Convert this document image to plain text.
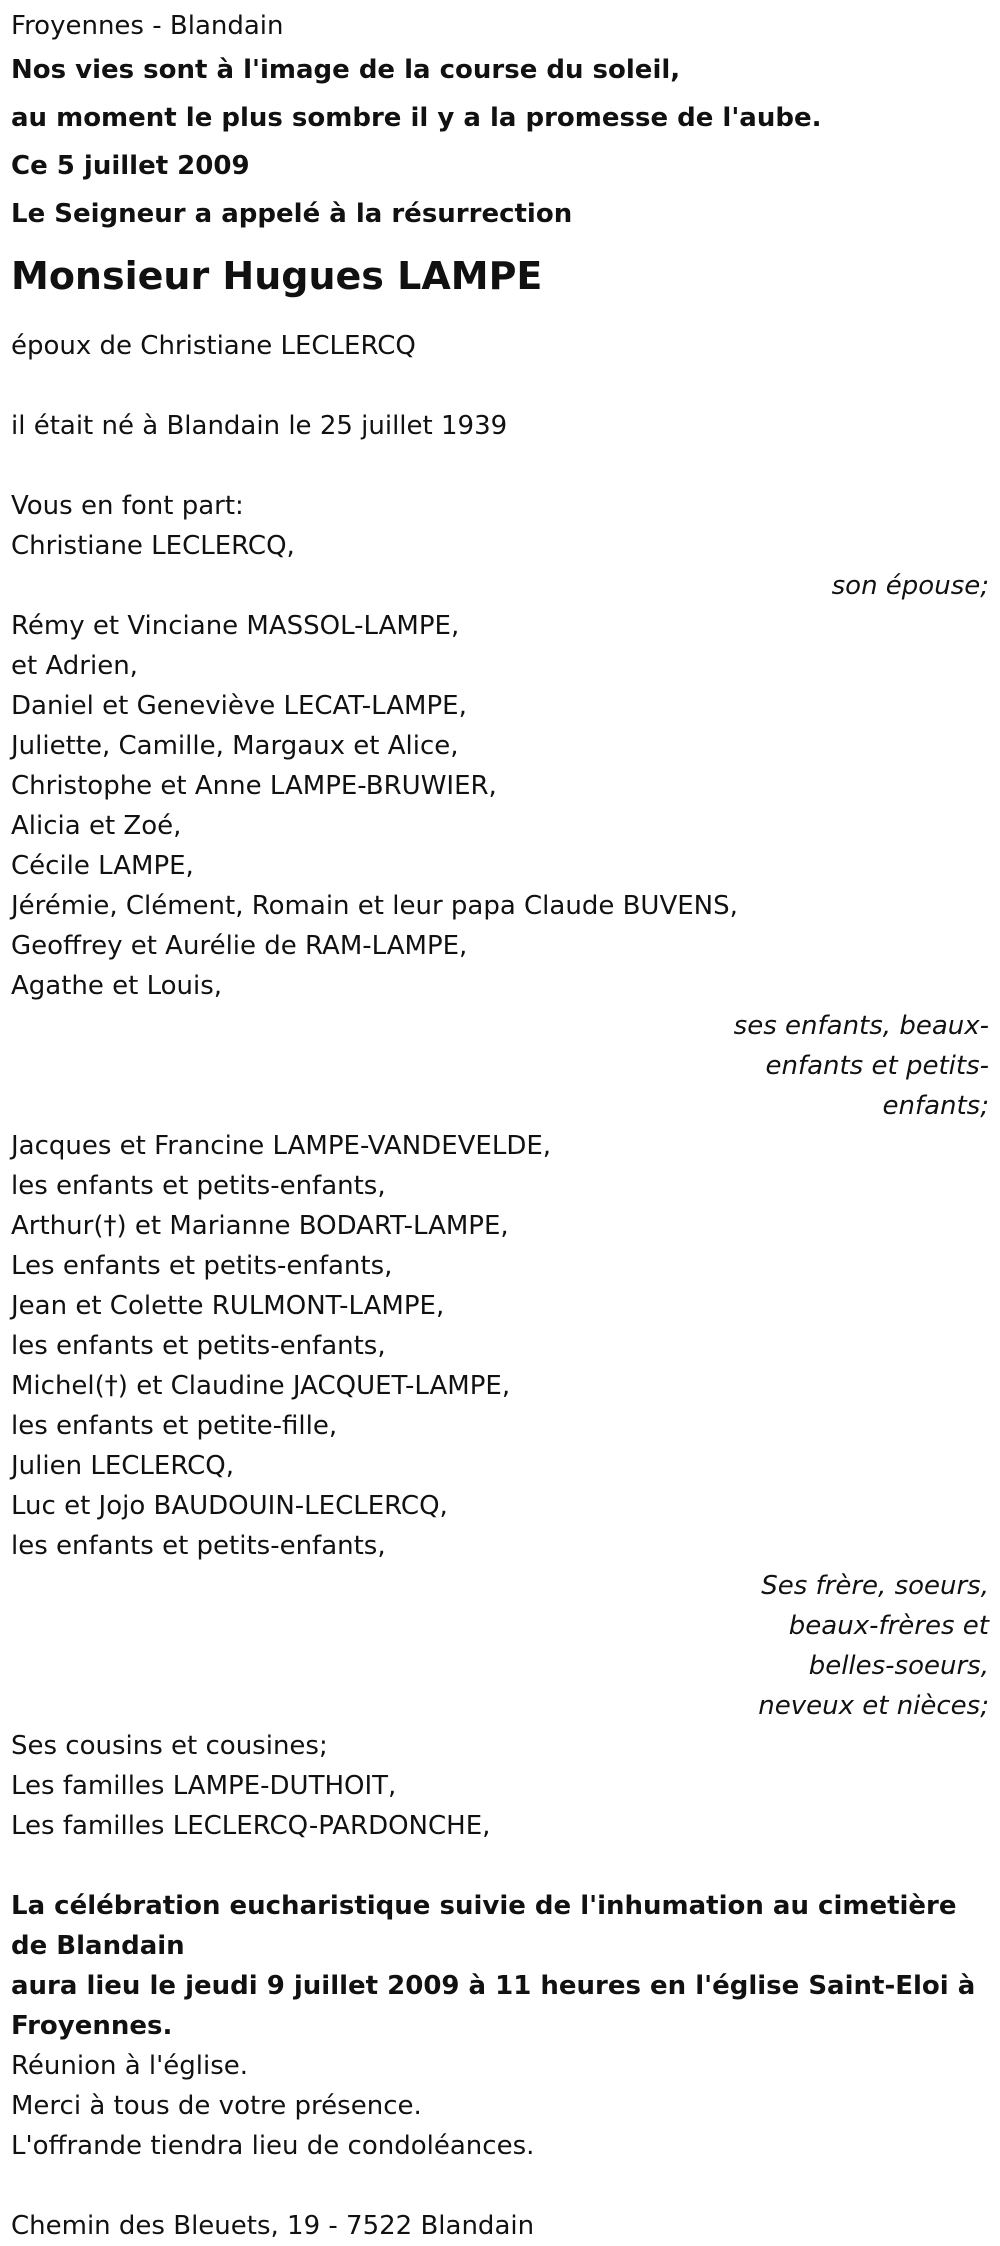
Froyennes - Blandain

Nos vies sont à l'image de la course du soleil,

au moment le plus sombre il y a la promesse de l'aube.

Ce 5 juillet 2009

Le Seigneur a appelé à la résurrection

Monsieur Hugues LAMPE

époux de Christiane LECLERCQ

il était né à Blandain le 25 juillet 1939

Vous en font part:

Christiane LECLERCQ,

son épouse;

Rémy et Vinciane MASSOL-LAMPE,

et Adrien,

Daniel et Geneviève LECAT-LAMPE,

Juliette, Camille, Margaux et Alice,

Christophe et Anne LAMPE-BRUWIER,

Alicia et Zoé,

Cécile LAMPE,

Jérémie, Clément, Romain et leur papa Claude BUVENS,

Geoffrey et Aurélie de RAM-LAMPE,

Agathe et Louis,

ses enfants, beaux-

enfants et petits-

enfants;

Jacques et Francine LAMPE-VANDEVELDE,

les enfants et petits-enfants,

Arthur(†) et Marianne BODART-LAMPE,

Les enfants et petits-enfants,

Jean et Colette RULMONT-LAMPE,

les enfants et petits-enfants,

Michel(†) et Claudine JACQUET-LAMPE,

les enfants et petite-fille,

Julien LECLERCQ,

Luc et Jojo BAUDOUIN-LECLERCQ,

les enfants et petits-enfants,

Ses frère, soeurs,

beaux-frères et

belles-soeurs,

neveux et nièces;

Ses cousins et cousines;

Les familles LAMPE-DUTHOIT,

Les familles LECLERCQ-PARDONCHE,

La célébration eucharistique suivie de l'inhumation au cimetière de Blandain

aura lieu le jeudi 9 juillet 2009 à 11 heures en l'église Saint-Eloi à Froyennes.

Réunion à l'église.

Merci à tous de votre présence.

L'offrande tiendra lieu de condoléances.

Chemin des Bleuets, 19 - 7522 Blandain
